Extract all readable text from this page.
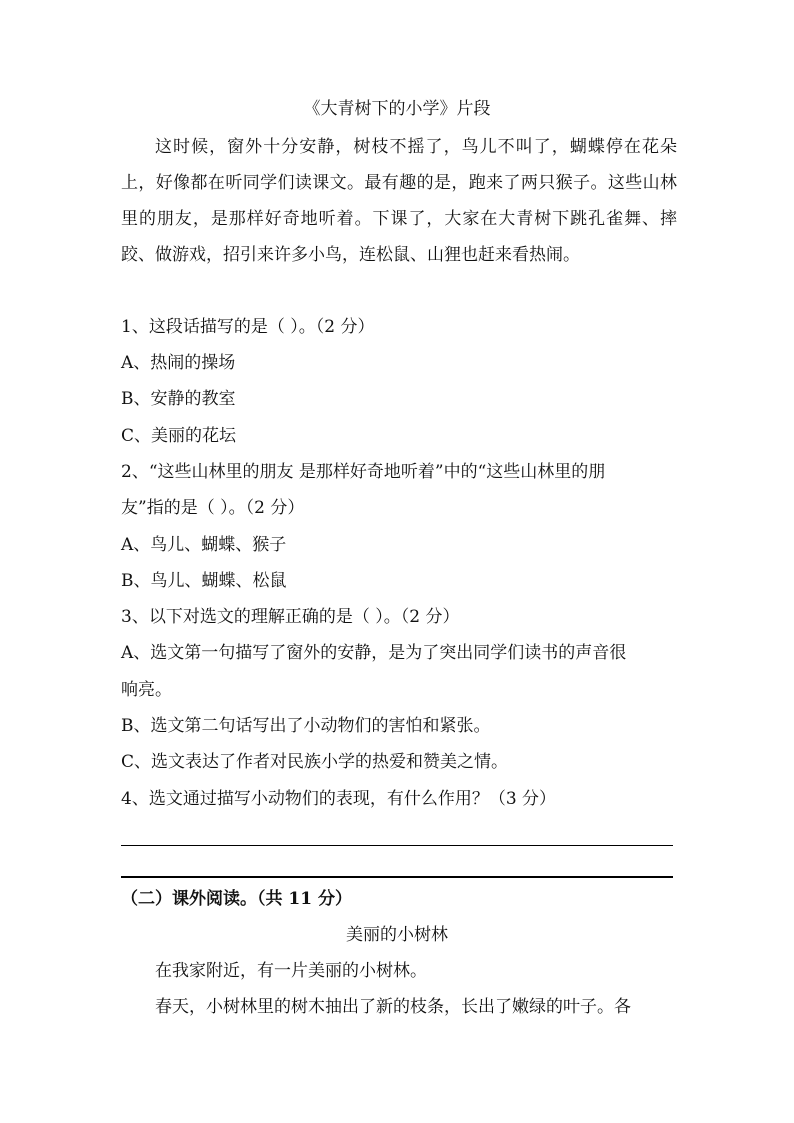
《大青树下的小学》片段

这时候，窗外十分安静，树枝不摇了，鸟儿不叫了，蝴蝶停在花朵上，好像都在听同学们读课文。最有趣的是，跑来了两只猴子。这些山林里的朋友，是那样好奇地听着。下课了，大家在大青树下跳孔雀舞、摔跤、做游戏，招引来许多小鸟，连松鼠、山狸也赶来看热闹。

1、这段话描写的是（ ）。（2 分）
A、热闹的操场
B、安静的教室
C、美丽的花坛
2、“这些山林里的朋友 是那样好奇地听着”中的“这些山林里的朋
友”指的是（ ）。（2 分）
A、鸟儿、蝴蝶、猴子
B、鸟儿、蝴蝶、松鼠
3、以下对选文的理解正确的是（ ）。（2 分）
A、选文第一句描写了窗外的安静，是为了突出同学们读书的声音很
响亮。
B、选文第二句话写出了小动物们的害怕和紧张。
C、选文表达了作者对民族小学的热爱和赞美之情。
4、选文通过描写小动物们的表现，有什么作用？（3 分）
（二）课外阅读。（共 11 分）
美丽的小树林
在我家附近，有一片美丽的小树林。
春天，小树林里的树木抽出了新的枝条，长出了嫩绿的叶子。各
